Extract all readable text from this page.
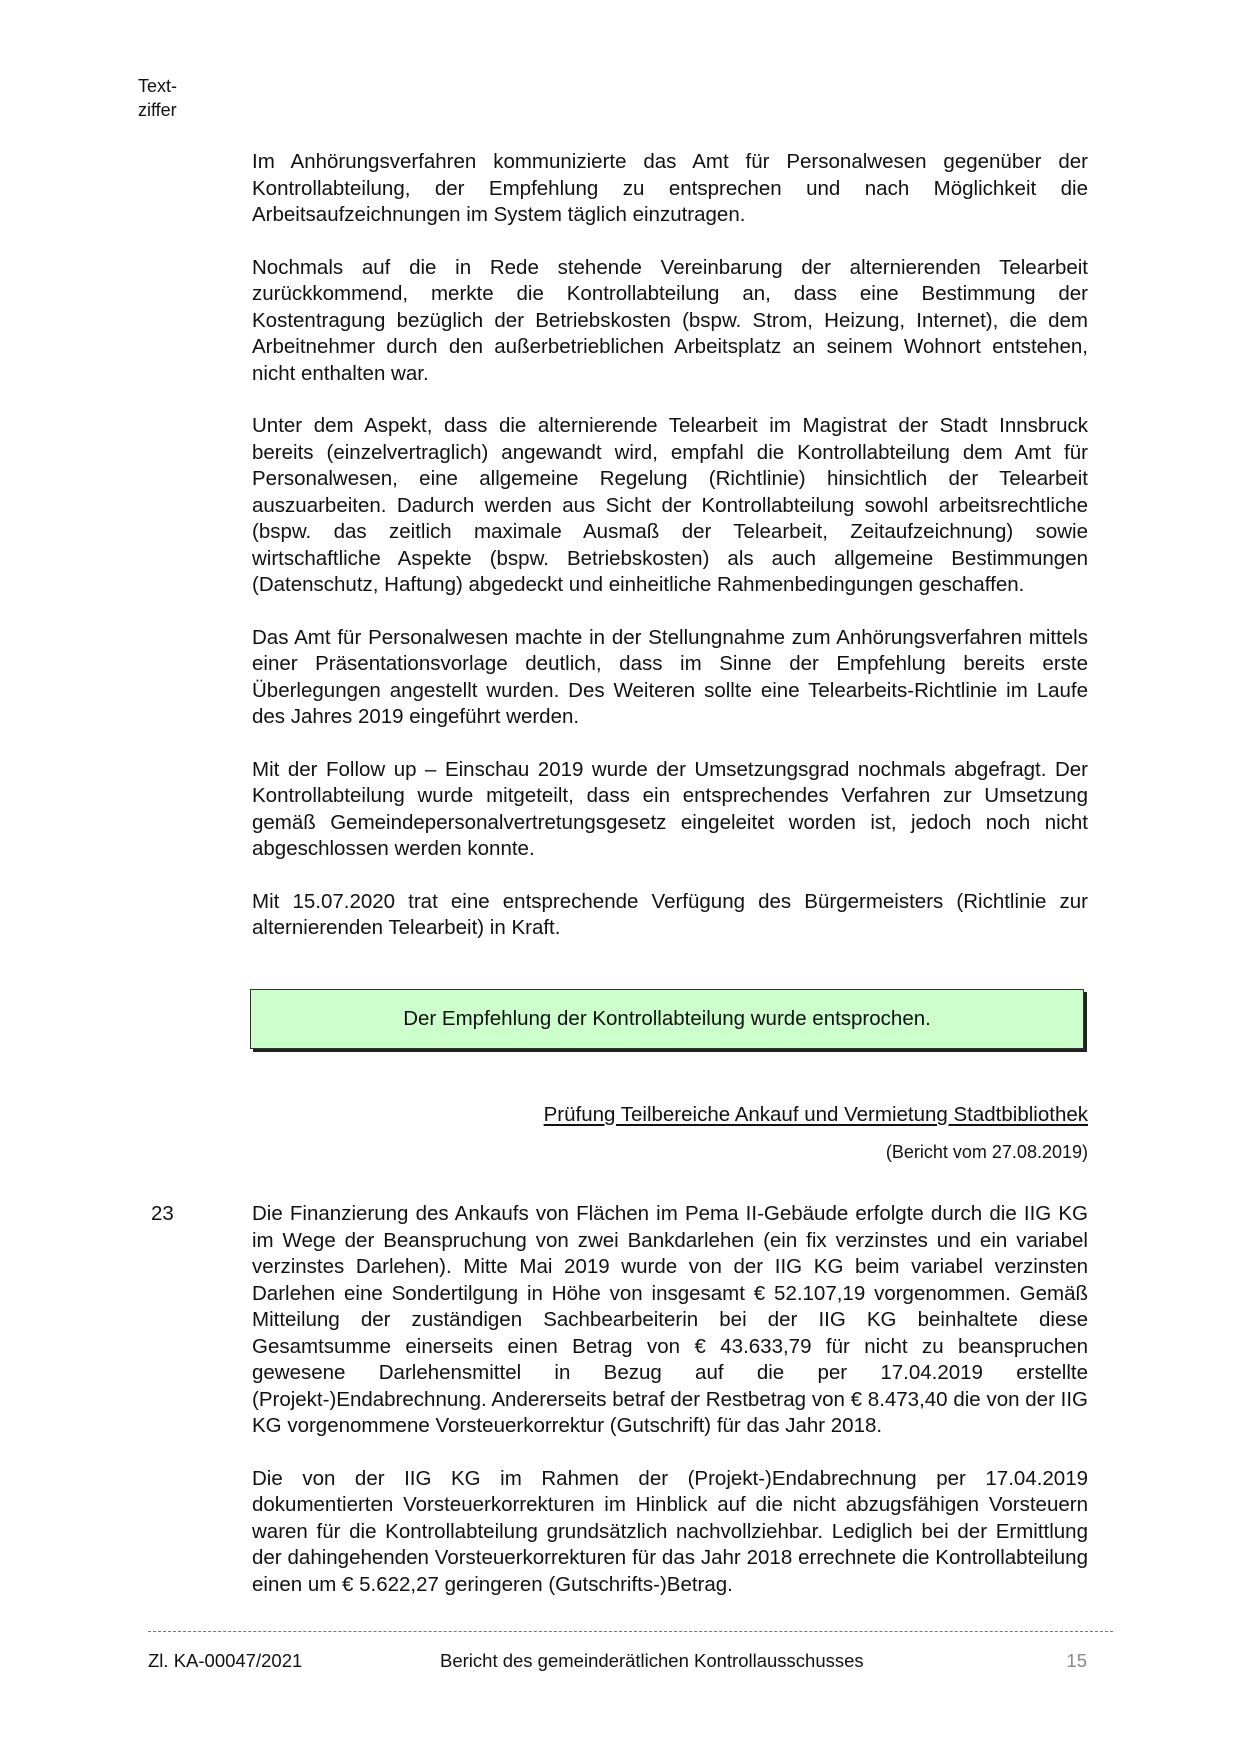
Text-
ziffer

Im Anhörungsverfahren kommunizierte das Amt für Personalwesen gegenüber der Kontrollabteilung, der Empfehlung zu entsprechen und nach Möglichkeit die Arbeitsaufzeichnungen im System täglich einzutragen.

Nochmals auf die in Rede stehende Vereinbarung der alternierenden Telearbeit zurückkommend, merkte die Kontrollabteilung an, dass eine Bestimmung der Kostentragung bezüglich der Betriebskosten (bspw. Strom, Heizung, Internet), die dem Arbeitnehmer durch den außerbetrieblichen Arbeitsplatz an seinem Wohnort entstehen, nicht enthalten war.

Unter dem Aspekt, dass die alternierende Telearbeit im Magistrat der Stadt Innsbruck bereits (einzelvertraglich) angewandt wird, empfahl die Kontrollabteilung dem Amt für Personalwesen, eine allgemeine Regelung (Richtlinie) hinsichtlich der Telearbeit auszuarbeiten. Dadurch werden aus Sicht der Kontrollabteilung sowohl arbeitsrechtliche (bspw. das zeitlich maximale Ausmaß der Telearbeit, Zeitaufzeichnung) sowie wirtschaftliche Aspekte (bspw. Betriebskosten) als auch allgemeine Bestimmungen (Datenschutz, Haftung) abgedeckt und einheitliche Rahmenbedingungen geschaffen.

Das Amt für Personalwesen machte in der Stellungnahme zum Anhörungsverfahren mittels einer Präsentationsvorlage deutlich, dass im Sinne der Empfehlung bereits erste Überlegungen angestellt wurden. Des Weiteren sollte eine Telearbeits-Richtlinie im Laufe des Jahres 2019 eingeführt werden.

Mit der Follow up – Einschau 2019 wurde der Umsetzungsgrad nochmals abgefragt. Der Kontrollabteilung wurde mitgeteilt, dass ein entsprechendes Verfahren zur Umsetzung gemäß Gemeindepersonalvertretungsgesetz eingeleitet worden ist, jedoch noch nicht abgeschlossen werden konnte.

Mit 15.07.2020 trat eine entsprechende Verfügung des Bürgermeisters (Richtlinie zur alternierenden Telearbeit) in Kraft.

Der Empfehlung der Kontrollabteilung wurde entsprochen.
Prüfung Teilbereiche Ankauf und Vermietung Stadtbibliothek
(Bericht vom 27.08.2019)
23	Die Finanzierung des Ankaufs von Flächen im Pema II-Gebäude erfolgte durch die IIG KG im Wege der Beanspruchung von zwei Bankdarlehen (ein fix verzinstes und ein variabel verzinstes Darlehen). Mitte Mai 2019 wurde von der IIG KG beim variabel verzinsten Darlehen eine Sondertilgung in Höhe von insgesamt € 52.107,19 vorgenommen. Gemäß Mitteilung der zuständigen Sachbearbeiterin bei der IIG KG beinhaltete diese Gesamtsumme einerseits einen Betrag von € 43.633,79 für nicht zu beanspruchen gewesene Darlehensmittel in Bezug auf die per 17.04.2019 erstellte (Projekt-)Endabrechnung. Andererseits betraf der Restbetrag von € 8.473,40 die von der IIG KG vorgenommene Vorsteuerkorrektur (Gutschrift) für das Jahr 2018.

Die von der IIG KG im Rahmen der (Projekt-)Endabrechnung per 17.04.2019 dokumentierten Vorsteuerkorrekturen im Hinblick auf die nicht abzugsfähigen Vorsteuern waren für die Kontrollabteilung grundsätzlich nachvollziehbar. Lediglich bei der Ermittlung der dahingehenden Vorsteuerkorrekturen für das Jahr 2018 errechnete die Kontrollabteilung einen um € 5.622,27 geringeren (Gutschrifts-)Betrag.

Zl. KA-00047/2021	Bericht des gemeinderätlichen Kontrollausschusses	15
